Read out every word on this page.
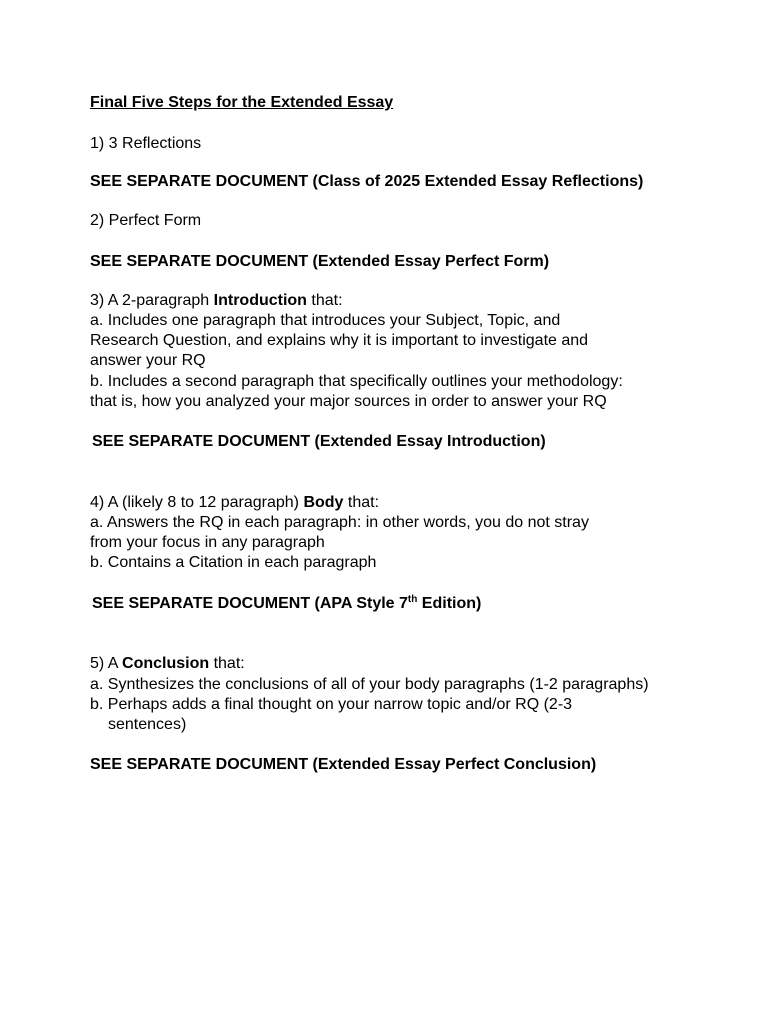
Final Five Steps for the Extended Essay
1) 3 Reflections
SEE SEPARATE DOCUMENT (Class of 2025 Extended Essay Reflections)
2) Perfect Form
SEE SEPARATE DOCUMENT (Extended Essay Perfect Form)
3) A 2-paragraph Introduction that:
a. Includes one paragraph that introduces your Subject, Topic, and
Research Question, and explains why it is important to investigate and
answer your RQ
b. Includes a second paragraph that specifically outlines your methodology:
that is, how you analyzed your major sources in order to answer your RQ
SEE SEPARATE DOCUMENT (Extended Essay Introduction)
4) A (likely 8 to 12 paragraph) Body that:
a. Answers the RQ in each paragraph: in other words, you do not stray
from your focus in any paragraph
b. Contains a Citation in each paragraph
SEE SEPARATE DOCUMENT (APA Style 7th Edition)
5) A Conclusion that:
a. Synthesizes the conclusions of all of your body paragraphs (1-2 paragraphs)
b. Perhaps adds a final thought on your narrow topic and/or RQ (2-3
sentences)
SEE SEPARATE DOCUMENT (Extended Essay Perfect Conclusion)
